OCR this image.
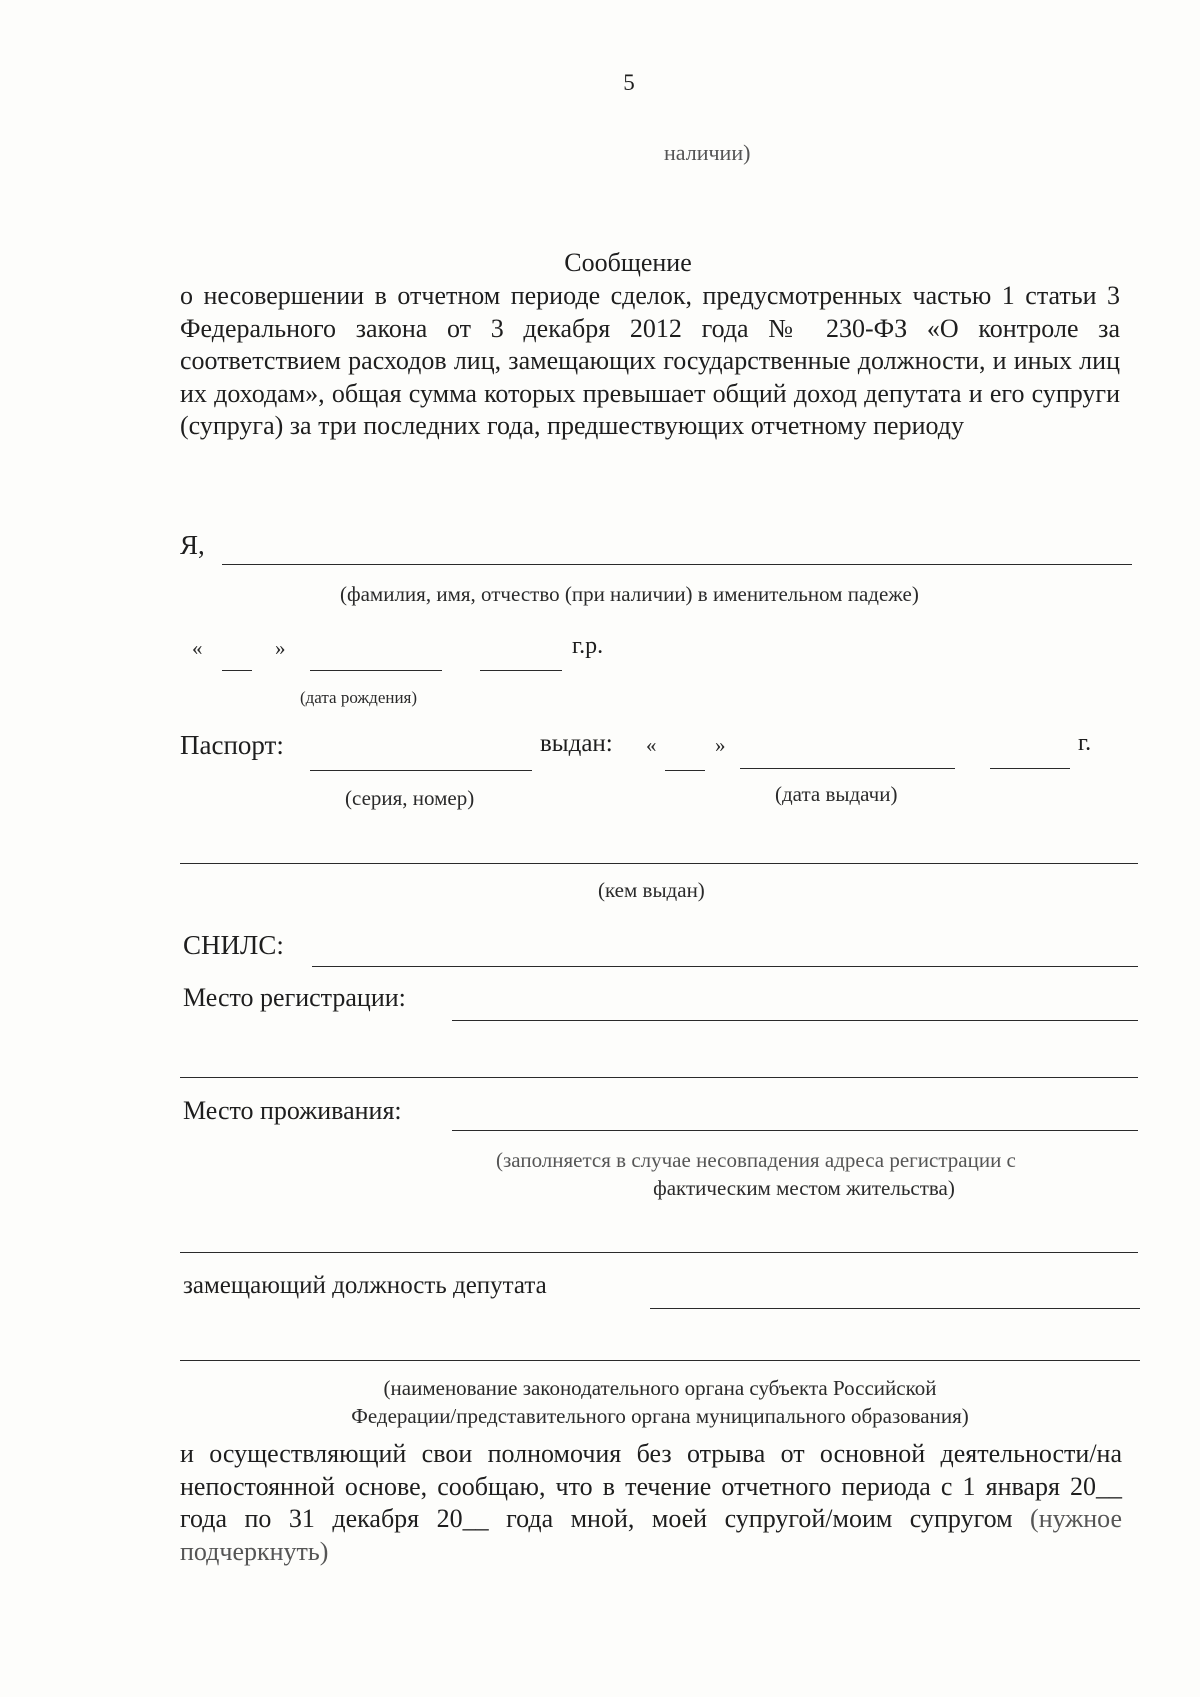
5
наличии)
Сообщение
о несовершении в отчетном периоде сделок, предусмотренных частью 1 статьи 3 Федерального закона от 3 декабря 2012 года № 230-ФЗ «О контроле за соответствием расходов лиц, замещающих государственные должности, и иных лиц их доходам», общая сумма которых превышает общий доход депутата и его супруги (супруга) за три последних года, предшествующих отчетному периоду
Я,
(фамилия, имя, отчество (при наличии) в именительном падеже)
«	»	г.р.
(дата рождения)
Паспорт:	выдан: «	»	г.
(серия, номер)	(дата выдачи)
(кем выдан)
СНИЛС:
Место регистрации:
Место проживания:
(заполняется в случае несовпадения адреса регистрации с
фактическим местом жительства)
замещающий должность депутата
(наименование законодательного органа субъекта Российской
Федерации/представительного органа муниципального образования)
и осуществляющий свои полномочия без отрыва от основной деятельности/на непостоянной основе, сообщаю, что в течение отчетного периода с 1 января 20__ года по 31 декабря 20__ года мной, моей супругой/моим супругом (нужное подчеркнуть)
